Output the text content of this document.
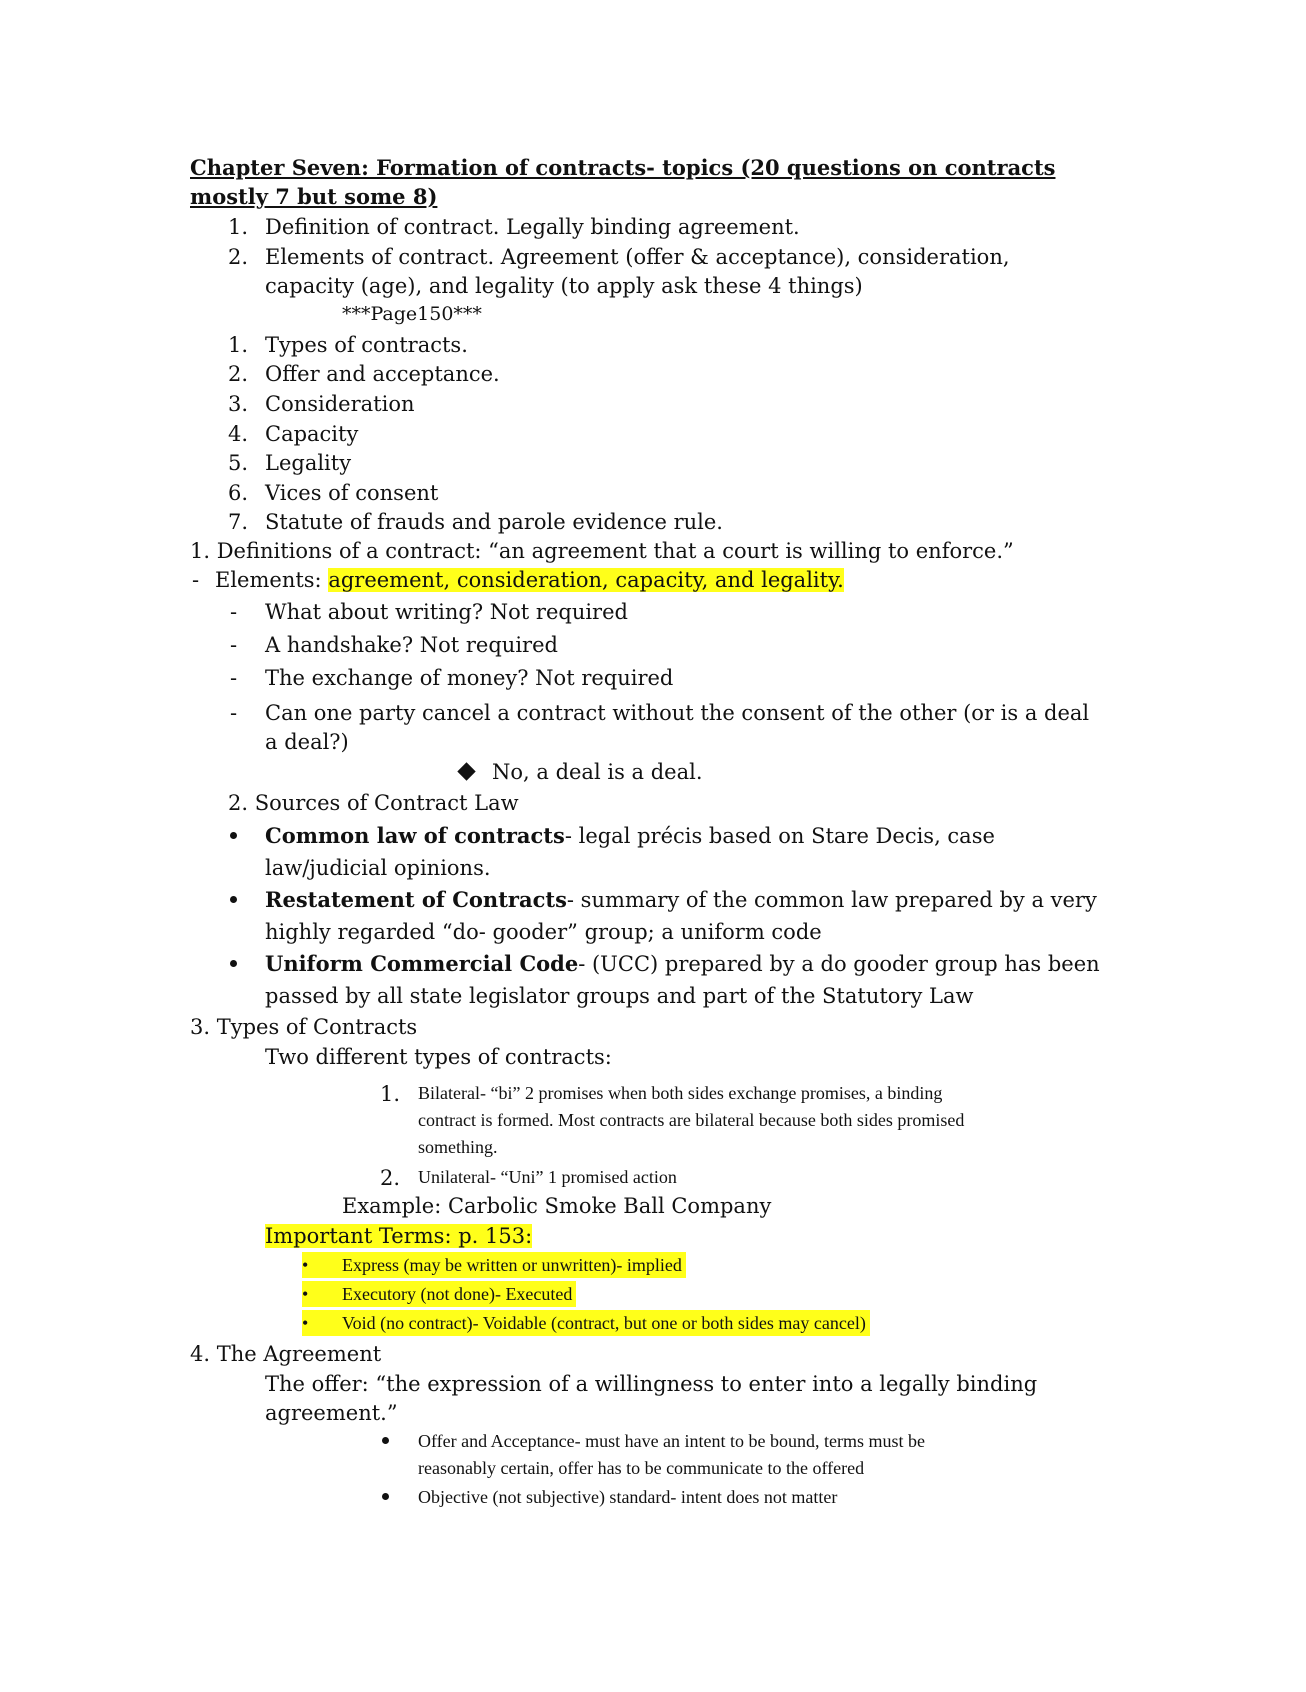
Chapter Seven: Formation of contracts- topics (20 questions on contracts
mostly 7 but some 8)
1. Definition of contract. Legally binding agreement.
2. Elements of contract. Agreement (offer & acceptance), consideration,
capacity (age), and legality (to apply ask these 4 things)
***Page150***
1. Types of contracts.
2. Offer and acceptance.
3. Consideration
4. Capacity
5. Legality
6. Vices of consent
7. Statute of frauds and parole evidence rule.
1. Definitions of a contract: “an agreement that a court is willing to enforce.”
- Elements: agreement, consideration, capacity, and legality.
- What about writing? Not required
- A handshake? Not required
- The exchange of money? Not required
- Can one party cancel a contract without the consent of the other (or is a deal
a deal?)
No, a deal is a deal.
2. Sources of Contract Law
Common law of contracts- legal précis based on Stare Decis, case
law/judicial opinions.
Restatement of Contracts- summary of the common law prepared by a very
highly regarded “do- gooder” group; a uniform code
Uniform Commercial Code- (UCC) prepared by a do gooder group has been
passed by all state legislator groups and part of the Statutory Law
3. Types of Contracts
Two different types of contracts:
1. Bilateral- “bi” 2 promises when both sides exchange promises, a binding
contract is formed. Most contracts are bilateral because both sides promised
something.
2. Unilateral- “Uni” 1 promised action
Example: Carbolic Smoke Ball Company
Important Terms: p. 153:
• Express (may be written or unwritten)- implied
• Executory (not done)- Executed
• Void (no contract)- Voidable (contract, but one or both sides may cancel)
4. The Agreement
The offer: “the expression of a willingness to enter into a legally binding
agreement.”
Offer and Acceptance- must have an intent to be bound, terms must be
reasonably certain, offer has to be communicate to the offered
Objective (not subjective) standard- intent does not matter
